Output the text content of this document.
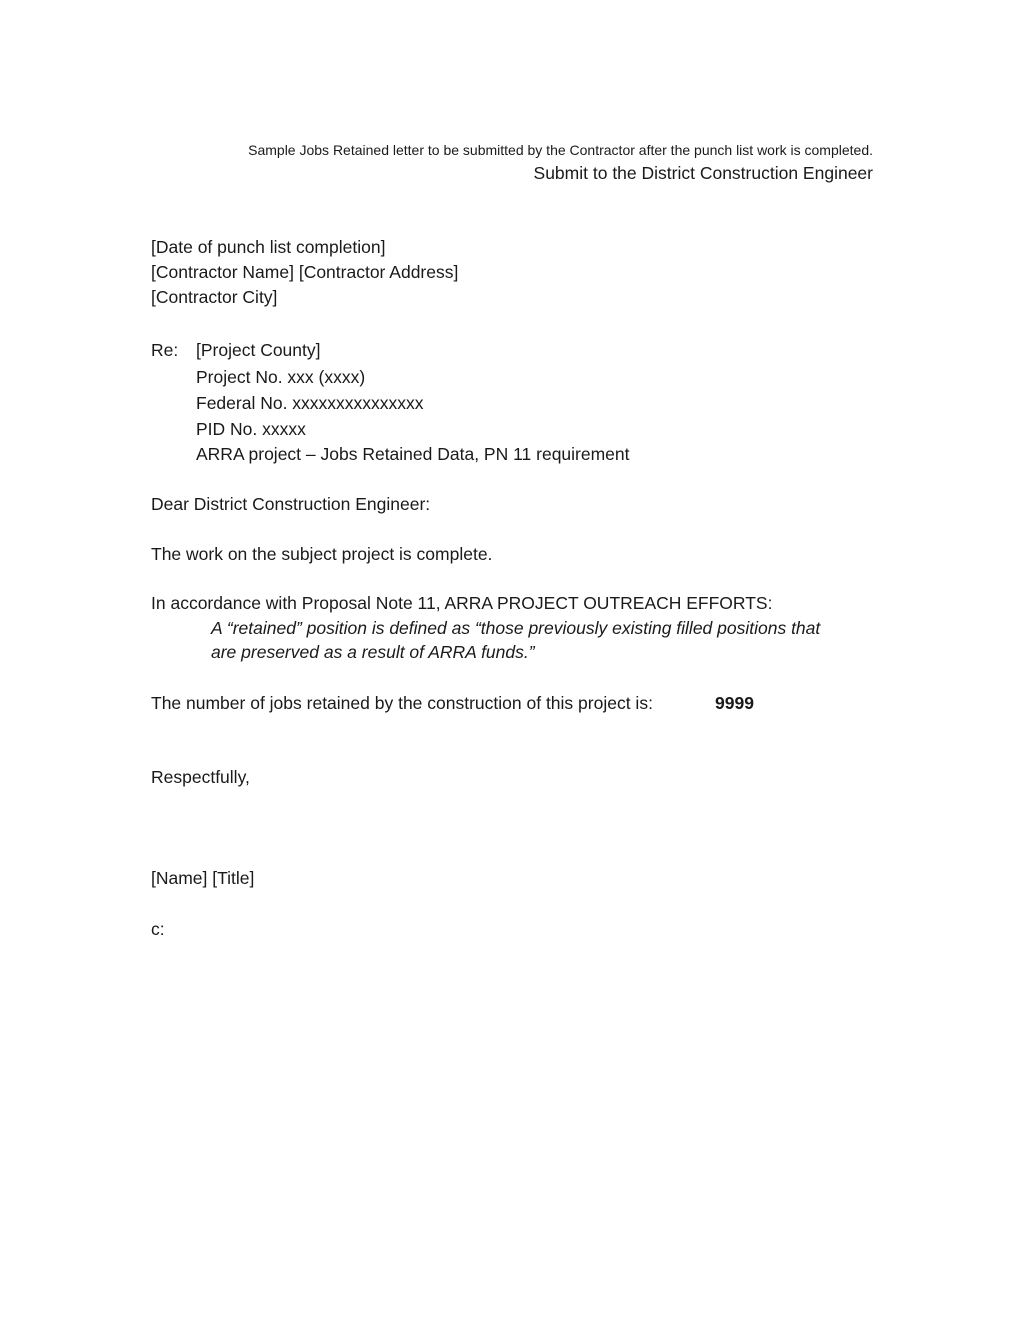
Sample Jobs Retained letter to be submitted by the Contractor after the punch list work is completed.

Submit to the District Construction Engineer

[Date of punch list completion]

[Contractor Name] [Contractor Address]

[Contractor City]

Re: [Project County]

Project No. xxx (xxxx)

Federal No. xxxxxxxxxxxxxxx

PID No. xxxxx

ARRA project – Jobs Retained Data, PN 11 requirement

Dear District Construction Engineer:

The work on the subject project is complete.

In accordance with Proposal Note 11, ARRA PROJECT OUTREACH EFFORTS:

A “retained” position is defined as “those previously existing filled positions that

are preserved as a result of ARRA funds.”

The number of jobs retained by the construction of this project is:	9999

Respectfully,

[Name] [Title]

c:
